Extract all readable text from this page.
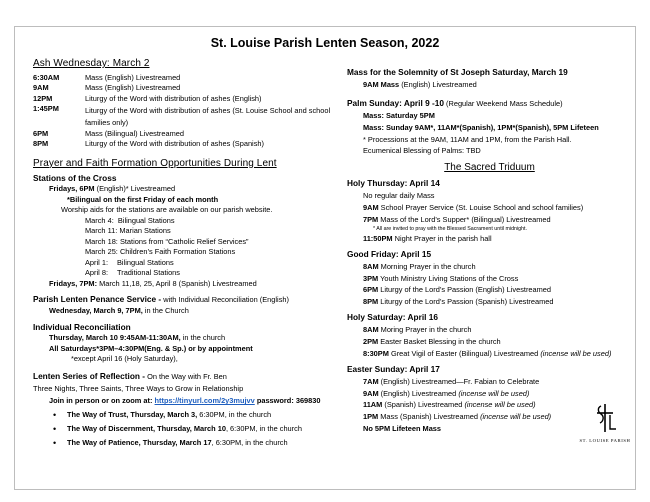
St. Louise Parish Lenten Season, 2022
Ash Wednesday: March 2
6:30AM	Mass (English) Livestreamed
9AM	Mass (English) Livestreamed
12PM	Liturgy of the Word with distribution of ashes (English)
1:45PM	Liturgy of the Word with distribution of ashes (St. Louise School and school families only)
6PM	Mass (Bilingual) Livestreamed
8PM	Liturgy of the Word with distribution of ashes (Spanish)
Prayer and Faith Formation Opportunities During Lent
Stations of the Cross
Fridays, 6PM (English)* Livestreamed
*Bilingual on the first Friday of each month
Worship aids for the stations are available on our parish website.
March 4: Bilingual Stations
March 11: Marian Stations
March 18: Stations from “Catholic Relief Services”
March 25: Children’s Faith Formation Stations
April 1:	Bilingual Stations
April 8:	Traditional Stations
Fridays, 7PM: March 11,18, 25, April 8 (Spanish) Livestreamed
Parish Lenten Penance Service - with Individual Reconciliation (English)
Wednesday, March 9, 7PM, in the Church
Individual Reconciliation
Thursday, March 10 9:45AM-11:30AM, in the church
All Saturdays*3PM–4:30PM(Eng. & Sp.) or by appointment
*except April 16 (Holy Saturday),
Lenten Series of Reflection - On the Way with Fr. Ben
Three Nights, Three Saints, Three Ways to Grow in Relationship
Join in person or on zoom at: https://tinyurl.com/2y3mujvv password: 369830
• The Way of Trust, Thursday, March 3, 6:30PM, in the church
• The Way of Discernment, Thursday, March 10, 6:30PM, in the church
• The Way of Patience, Thursday, March 17, 6:30PM, in the church
Mass for the Solemnity of St Joseph Saturday, March 19
9AM Mass (English) Livestreamed
Palm Sunday: April 9 -10 (Regular Weekend Mass Schedule)
Mass: Saturday 5PM
Mass: Sunday 9AM*, 11AM*(Spanish), 1PM*(Spanish), 5PM Lifeteen
* Processions at the 9AM, 11AM and 1PM, from the Parish Hall.
Ecumenical Blessing of Palms: TBD
The Sacred Triduum
Holy Thursday: April 14
No regular daily Mass
9AM School Prayer Service (St. Louise School and school families)
7PM Mass of the Lord’s Supper* (Bilingual) Livestreamed
* All are invited to pray with the Blessed Sacrament until midnight.
11:50PM Night Prayer in the parish hall
Good Friday: April 15
8AM Morning Prayer in the church
3PM Youth Ministry Living Stations of the Cross
6PM Liturgy of the Lord’s Passion (English) Livestreamed
8PM Liturgy of the Lord’s Passion (Spanish) Livestreamed
Holy Saturday: April 16
8AM Moring Prayer in the church
2PM Easter Basket Blessing in the church
8:30PM Great Vigil of Easter (Bilingual) Livestreamed (incense will be used)
Easter Sunday: April 17
7AM (English) Livestreamed—Fr. Fabian to Celebrate
9AM (English) Livestreamed (incense will be used)
11AM (Spanish) Livestreamed (incense will be used)
1PM Mass (Spanish) Livestreamed (incense will be used)
No 5PM Lifeteen Mass
ST. LOUISE PARISH
